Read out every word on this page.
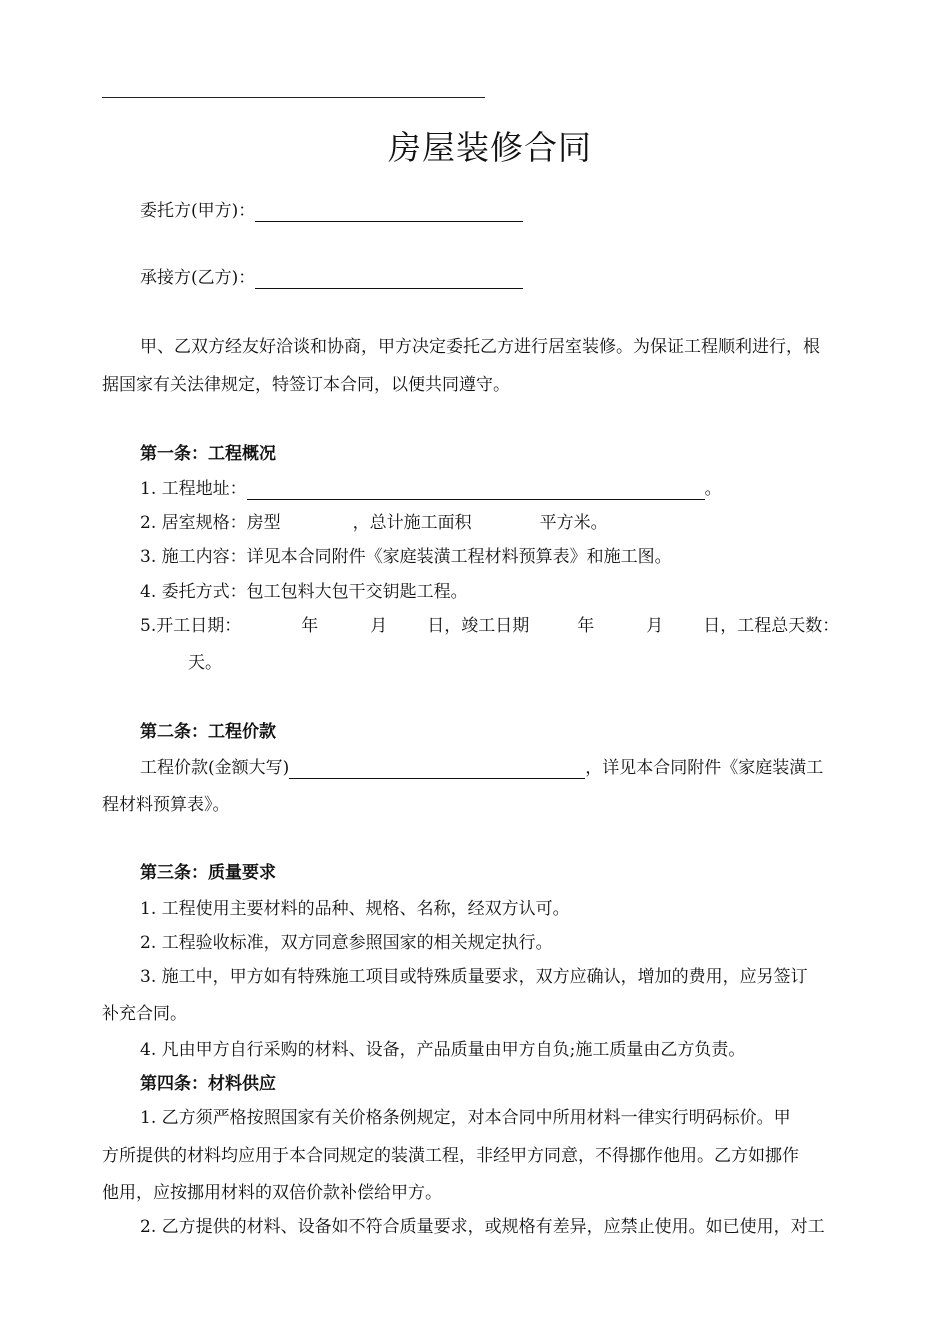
房屋装修合同
委托方(甲方)：
承接方(乙方)：
甲、乙双方经友好洽谈和协商，甲方决定委托乙方进行居室装修。为保证工程顺利进行，根
据国家有关法律规定，特签订本合同，以便共同遵守。
第一条：工程概况
1. 工程地址：	。
2. 居室规格：房型	，总计施工面积	平方米。
3. 施工内容：详见本合同附件《家庭装潢工程材料预算表》和施工图。
4. 委托方式：包工包料大包干交钥匙工程。
5.开工日期：	年	月 日，竣工日期	年	月 日，工程总天数：
天。
第二条：工程价款
工程价款(金额大写)	，详见本合同附件《家庭装潢工
程材料预算表》。
第三条：质量要求
1. 工程使用主要材料的品种、规格、名称，经双方认可。
2. 工程验收标准，双方同意参照国家的相关规定执行。
3. 施工中，甲方如有特殊施工项目或特殊质量要求，双方应确认，增加的费用，应另签订
补充合同。
4. 凡由甲方自行采购的材料、设备，产品质量由甲方自负;施工质量由乙方负责。
第四条：材料供应
1. 乙方须严格按照国家有关价格条例规定，对本合同中所用材料一律实行明码标价。甲
方所提供的材料均应用于本合同规定的装潢工程，非经甲方同意，不得挪作他用。乙方如挪作
他用，应按挪用材料的双倍价款补偿给甲方。
2. 乙方提供的材料、设备如不符合质量要求，或规格有差异，应禁止使用。如已使用，对工
